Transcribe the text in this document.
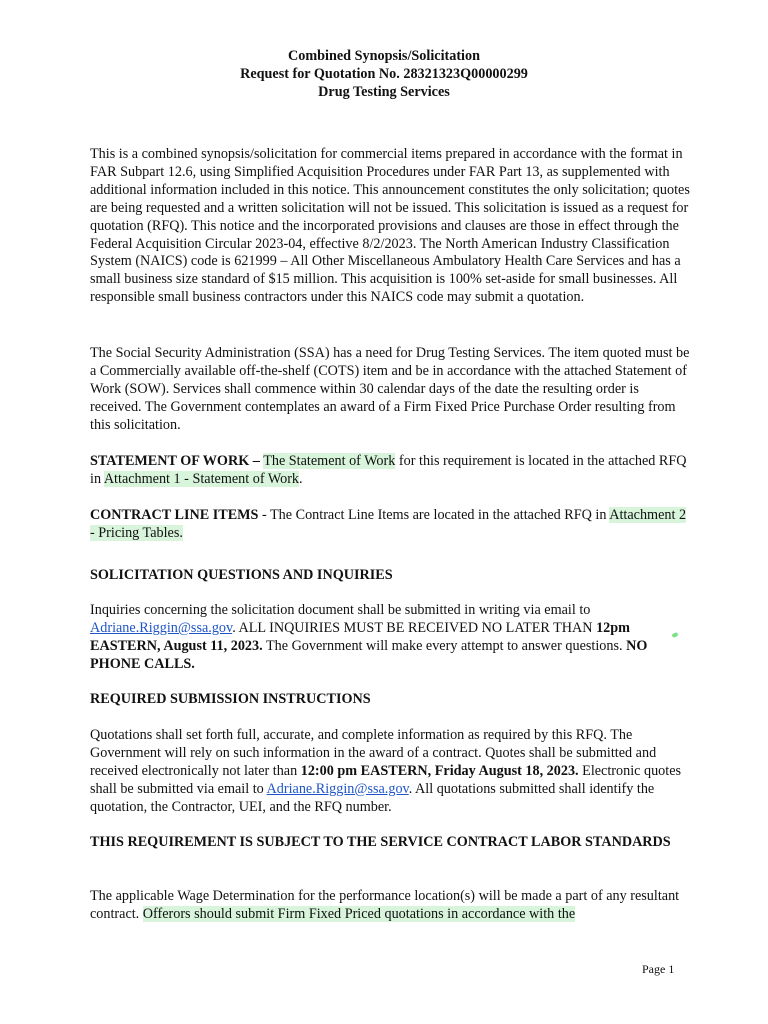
Combined Synopsis/Solicitation
Request for Quotation No. 28321323Q00000299
Drug Testing Services

This is a combined synopsis/solicitation for commercial items prepared in accordance with the format in FAR Subpart 12.6, using Simplified Acquisition Procedures under FAR Part 13, as supplemented with additional information included in this notice. This announcement constitutes the only solicitation; quotes are being requested and a written solicitation will not be issued. This solicitation is issued as a request for quotation (RFQ). This notice and the incorporated provisions and clauses are those in effect through the Federal Acquisition Circular 2023-04, effective 8/2/2023. The North American Industry Classification System (NAICS) code is 621999 – All Other Miscellaneous Ambulatory Health Care Services and has a small business size standard of $15 million. This acquisition is 100% set-aside for small businesses. All responsible small business contractors under this NAICS code may submit a quotation.

The Social Security Administration (SSA) has a need for Drug Testing Services. The item quoted must be a Commercially available off-the-shelf (COTS) item and be in accordance with the attached Statement of Work (SOW). Services shall commence within 30 calendar days of the date the resulting order is received. The Government contemplates an award of a Firm Fixed Price Purchase Order resulting from this solicitation.

STATEMENT OF WORK – The Statement of Work for this requirement is located in the attached RFQ in Attachment 1 - Statement of Work.

CONTRACT LINE ITEMS - The Contract Line Items are located in the attached RFQ in Attachment 2 - Pricing Tables.

SOLICITATION QUESTIONS AND INQUIRIES

Inquiries concerning the solicitation document shall be submitted in writing via email to Adriane.Riggin@ssa.gov. ALL INQUIRIES MUST BE RECEIVED NO LATER THAN 12pm EASTERN, August 11, 2023. The Government will make every attempt to answer questions. NO PHONE CALLS.

REQUIRED SUBMISSION INSTRUCTIONS

Quotations shall set forth full, accurate, and complete information as required by this RFQ. The Government will rely on such information in the award of a contract. Quotes shall be submitted and received electronically not later than 12:00 pm EASTERN, Friday August 18, 2023. Electronic quotes shall be submitted via email to Adriane.Riggin@ssa.gov. All quotations submitted shall identify the quotation, the Contractor, UEI, and the RFQ number.

THIS REQUIREMENT IS SUBJECT TO THE SERVICE CONTRACT LABOR STANDARDS

The applicable Wage Determination for the performance location(s) will be made a part of any resultant contract. Offerors should submit Firm Fixed Priced quotations in accordance with the

Page 1
